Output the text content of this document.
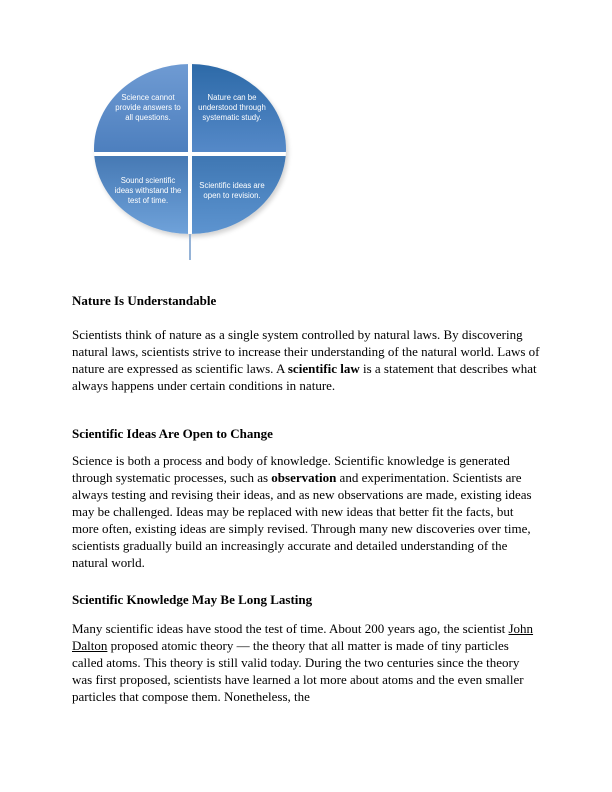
Science cannot provide answers to all questions.
Nature can be understood through systematic study.
Sound scientific ideas withstand the test of time.
Scientific ideas are open to revision.
Nature Is Understandable

Scientists think of nature as a single system controlled by natural laws. By discovering natural laws, scientists strive to increase their understanding of the natural world. Laws of nature are expressed as scientific laws. A scientific law is a statement that describes what always happens under certain conditions in nature.

Scientific Ideas Are Open to Change

Science is both a process and body of knowledge. Scientific knowledge is generated through systematic processes, such as observation and experimentation. Scientists are always testing and revising their ideas, and as new observations are made, existing ideas may be challenged. Ideas may be replaced with new ideas that better fit the facts, but more often, existing ideas are simply revised. Through many new discoveries over time, scientists gradually build an increasingly accurate and detailed understanding of the natural world.

Scientific Knowledge May Be Long Lasting

Many scientific ideas have stood the test of time. About 200 years ago, the scientist John Dalton proposed atomic theory — the theory that all matter is made of tiny particles called atoms. This theory is still valid today. During the two centuries since the theory was first proposed, scientists have learned a lot more about atoms and the even smaller particles that compose them. Nonetheless, the
